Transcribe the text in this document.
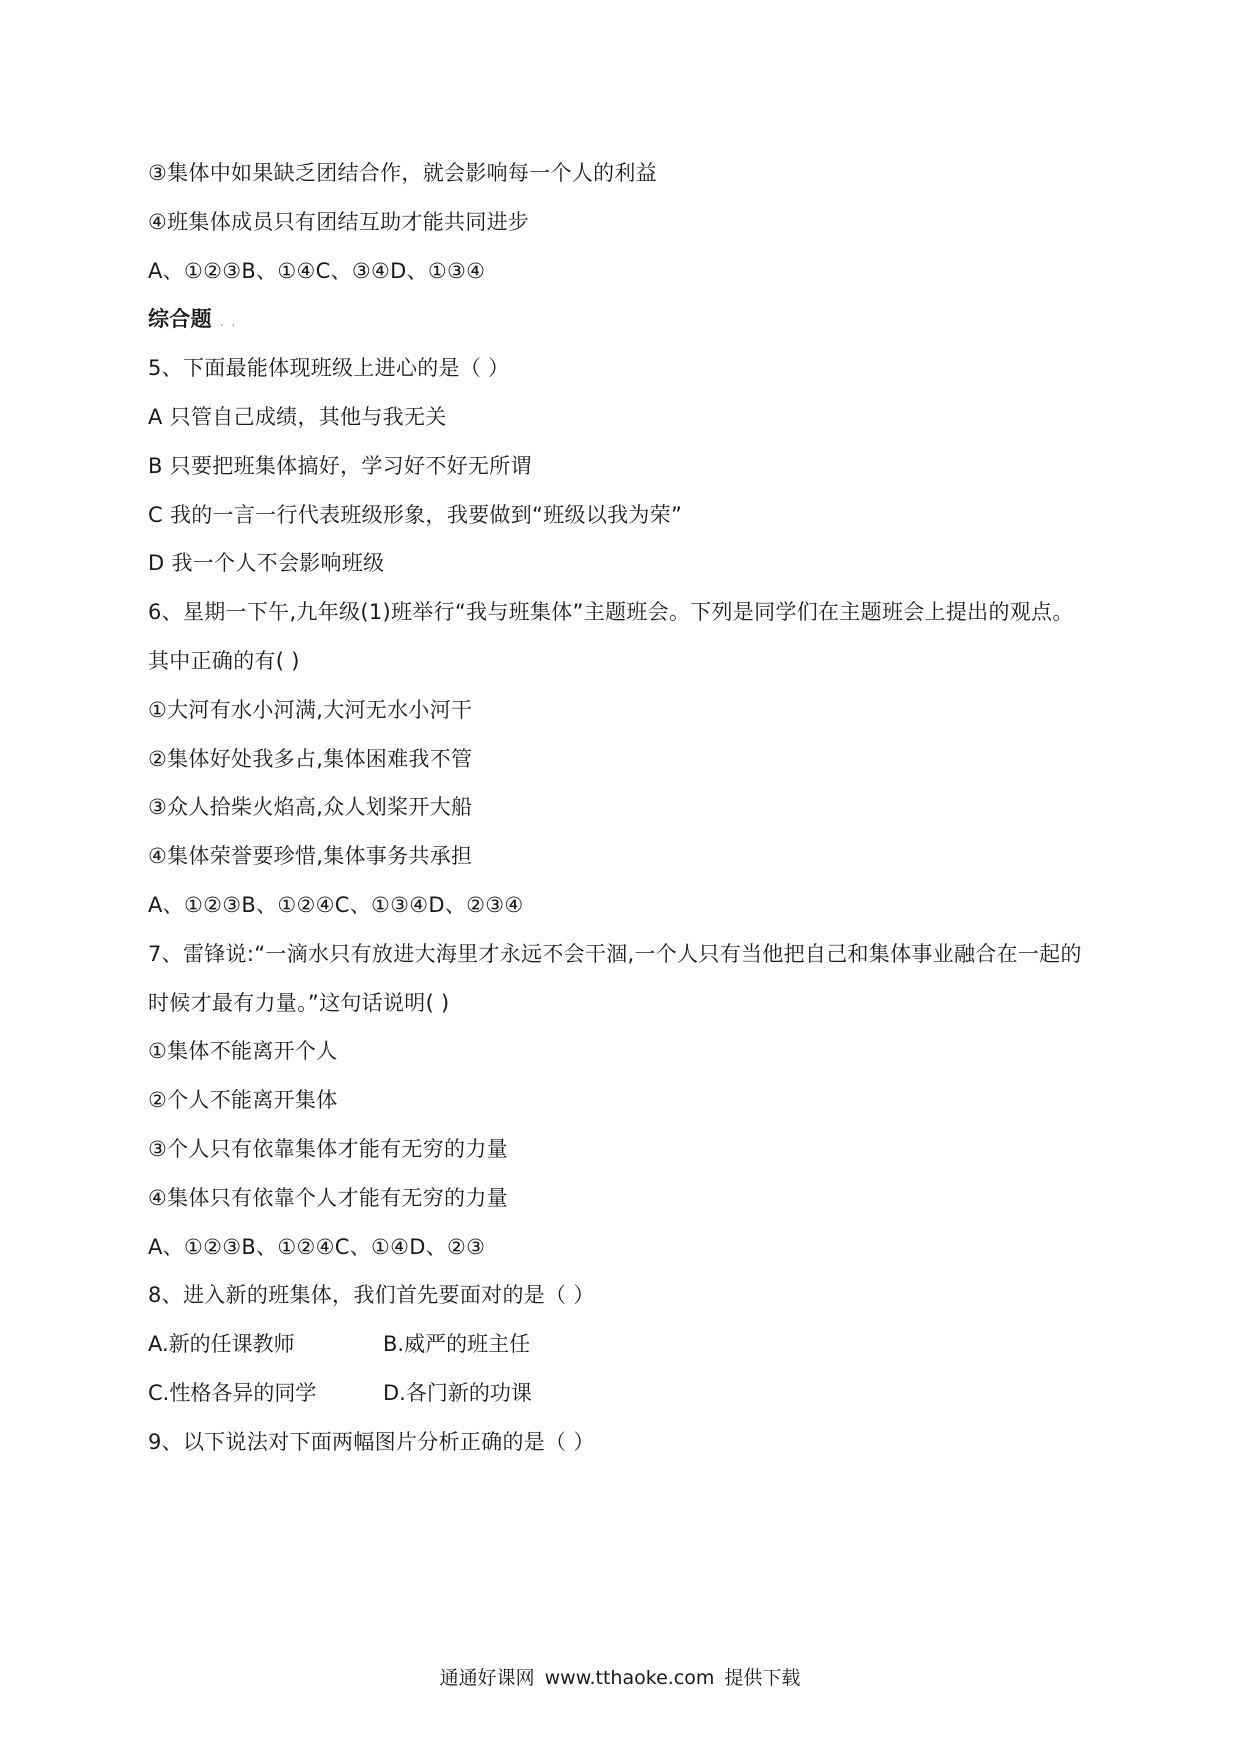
③集体中如果缺乏团结合作，就会影响每一个人的利益
④班集体成员只有团结互助才能共同进步
A、①②③B、①④C、③④D、①③④
综合题 . .
5、下面最能体现班级上进心的是（ ）
A 只管自己成绩，其他与我无关
B 只要把班集体搞好，学习好不好无所谓
C 我的一言一行代表班级形象，我要做到“班级以我为荣”
D 我一个人不会影响班级
6、星期一下午,九年级(1)班举行“我与班集体”主题班会。下列是同学们在主题班会上提出的观点。
其中正确的有( )
①大河有水小河满,大河无水小河干
②集体好处我多占,集体困难我不管
③众人拾柴火焰高,众人划桨开大船
④集体荣誉要珍惜,集体事务共承担
A、①②③B、①②④C、①③④D、②③④
7、雷锋说:“一滴水只有放进大海里才永远不会干涸,一个人只有当他把自己和集体事业融合在一起的
时候才最有力量。”这句话说明( )
①集体不能离开个人
②个人不能离开集体
③个人只有依靠集体才能有无穷的力量
④集体只有依靠个人才能有无穷的力量
A、①②③B、①②④C、①④D、②③
8、进入新的班集体，我们首先要面对的是（ ）
A.新的任课教师	B.威严的班主任
C.性格各异的同学	D.各门新的功课
9、以下说法对下面两幅图片分析正确的是（ ）
通通好课网 www.tthaoke.com 提供下载
